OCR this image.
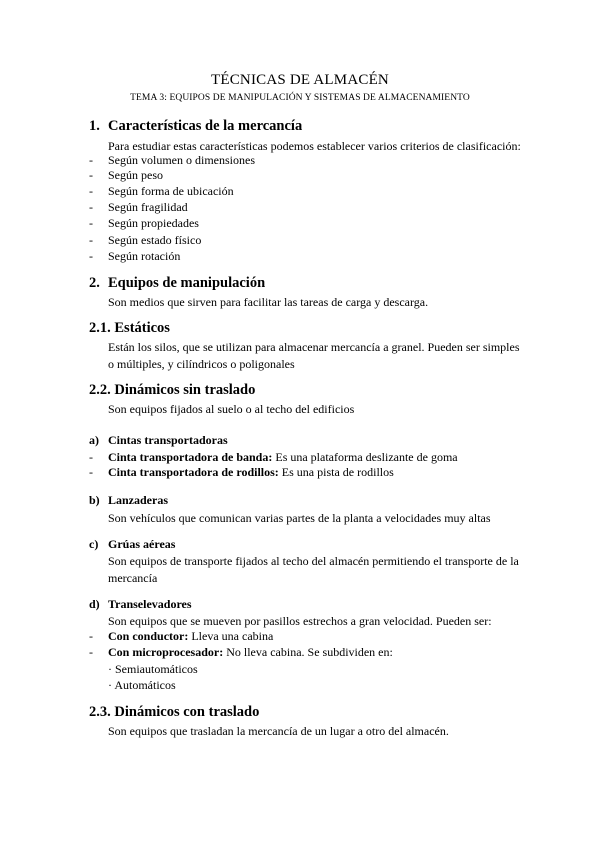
TÉCNICAS DE ALMACÉN
TEMA 3: EQUIPOS DE MANIPULACIÓN Y SISTEMAS DE ALMACENAMIENTO
1. Características de la mercancía
Para estudiar estas características podemos establecer varios criterios de clasificación:
- Según volumen o dimensiones
- Según peso
- Según forma de ubicación
- Según fragilidad
- Según propiedades
- Según estado físico
- Según rotación
2. Equipos de manipulación
Son medios que sirven para facilitar las tareas de carga y descarga.
2.1. Estáticos
Están los silos, que se utilizan para almacenar mercancía a granel. Pueden ser simples o múltiples, y cilíndricos o poligonales
2.2. Dinámicos sin traslado
Son equipos fijados al suelo o al techo del edificios
a) Cintas transportadoras
- Cinta transportadora de banda: Es una plataforma deslizante de goma
- Cinta transportadora de rodillos: Es una pista de rodillos
b) Lanzaderas
Son vehículos que comunican varias partes de la planta a velocidades muy altas
c) Grúas aéreas
Son equipos de transporte fijados al techo del almacén permitiendo el transporte de la mercancía
d) Transelevadores
Son equipos que se mueven por pasillos estrechos a gran velocidad. Pueden ser:
- Con conductor: Lleva una cabina
- Con microprocesador: No lleva cabina. Se subdividen en:
· Semiautomáticos
· Automáticos
2.3. Dinámicos con traslado
Son equipos que trasladan la mercancía de un lugar a otro del almacén.
